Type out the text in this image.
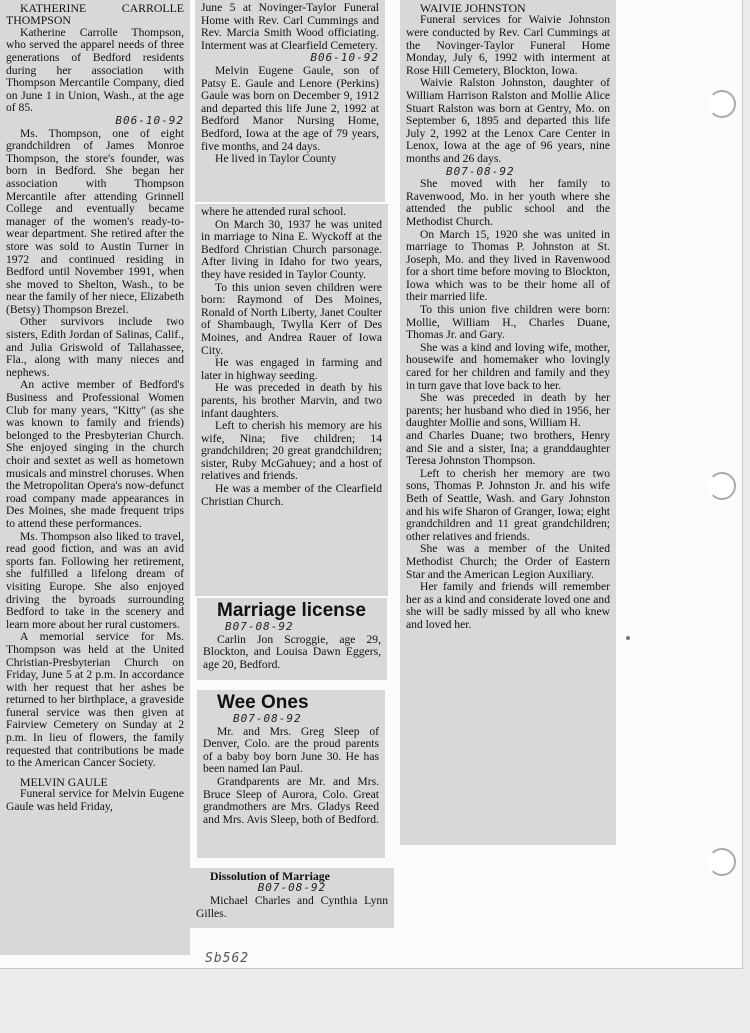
KATHERINE CARROLLE THOMPSON

Katherine Carrolle Thompson, who served the apparel needs of three generations of Bedford residents during her association with Thompson Mercantile Company, died on June 1 in Union, Wash., at the age of 85.

B06-10-92

Ms. Thompson, one of eight grandchildren of James Monroe Thompson, the store's founder, was born in Bedford. She began her association with Thompson Mercantile after attending Grinnell College and eventually became manager of the women's ready-to-wear department. She retired after the store was sold to Austin Turner in 1972 and continued residing in Bedford until November 1991, when she moved to Shelton, Wash., to be near the family of her niece, Elizabeth (Betsy) Thompson Brezel.

Other survivors include two sisters, Edith Jordan of Salinas, Calif., and Julia Griswold of Tallahassee, Fla., along with many nieces and nephews.

An active member of Bedford's Business and Professional Women Club for many years, "Kitty" (as she was known to family and friends) belonged to the Presbyterian Church. She enjoyed singing in the church choir and sextet as well as hometown musicals and minstrel choruses. When the Metropolitan Opera's now-defunct road company made appearances in Des Moines, she made frequent trips to attend these performances.

Ms. Thompson also liked to travel, read good fiction, and was an avid sports fan. Following her retirement, she fulfilled a lifelong dream of visiting Europe. She also enjoyed driving the byroads surrounding Bedford to take in the scenery and learn more about her rural customers.

A memorial service for Ms. Thompson was held at the United Christian-Presbyterian Church on Friday, June 5 at 2 p.m. In accordance with her request that her ashes be returned to her birthplace, a graveside funeral service was then given at Fairview Cemetery on Sunday at 2 p.m. In lieu of flowers, the family requested that contributions be made to the American Cancer Society.

MELVIN GAULE

Funeral service for Melvin Eugene Gaule was held Friday,

June 5 at Novinger-Taylor Funeral Home with Rev. Carl Cummings and Rev. Marcia Smith Wood officiating. Interment was at Clearfield Cemetery.

B06-10-92

Melvin Eugene Gaule, son of Patsy E. Gaule and Lenore (Perkins) Gaule was born on December 9, 1912 and departed this life June 2, 1992 at Bedford Manor Nursing Home, Bedford, Iowa at the age of 79 years, five months, and 24 days.

He lived in Taylor County

where he attended rural school.

On March 30, 1937 he was united in marriage to Nina E. Wyckoff at the Bedford Christian Church parsonage. After living in Idaho for two years, they have resided in Taylor County.

To this union seven children were born: Raymond of Des Moines, Ronald of North Liberty, Janet Coulter of Shambaugh, Twylla Kerr of Des Moines, and Andrea Rauer of Iowa City.

He was engaged in farming and later in highway seeding.

He was preceded in death by his parents, his brother Marvin, and two infant daughters.

Left to cherish his memory are his wife, Nina; five children; 14 grandchildren; 20 great grandchildren; sister, Ruby McGahuey; and a host of relatives and friends.

He was a member of the Clearfield Christian Church.

Marriage license

B07-08-92

Carlin Jon Scroggie, age 29, Blockton, and Louisa Dawn Eggers, age 20, Bedford.

Wee Ones

B07-08-92

Mr. and Mrs. Greg Sleep of Denver, Colo. are the proud parents of a baby boy born June 30. He has been named Ian Paul.

Grandparents are Mr. and Mrs. Bruce Sleep of Aurora, Colo. Great grandmothers are Mrs. Gladys Reed and Mrs. Avis Sleep, both of Bedford.

Dissolution of Marriage

B07-08-92

Michael Charles and Cynthia Lynn Gilles.

WAIVIE JOHNSTON

Funeral services for Waivie Johnston were conducted by Rev. Carl Cummings at the Novinger-Taylor Funeral Home Monday, July 6, 1992 with interment at Rose Hill Cemetery, Blockton, Iowa.

Waivie Ralston Johnston, daughter of William Harrison Ralston and Mollie Alice Stuart Ralston was born at Gentry, Mo. on September 6, 1895 and departed this life July 2, 1992 at the Lenox Care Center in Lenox, Iowa at the age of 96 years, nine months and 26 days.

B07-08-92

She moved with her family to Ravenwood, Mo. in her youth where she attended the public school and the Methodist Church.

On March 15, 1920 she was united in marriage to Thomas P. Johnston at St. Joseph, Mo. and they lived in Ravenwood for a short time before moving to Blockton, Iowa which was to be their home all of their married life.

To this union five children were born: Mollie, William H., Charles Duane, Thomas Jr. and Gary.

She was a kind and loving wife, mother, housewife and homemaker who lovingly cared for her children and family and they in turn gave that love back to her.

She was preceded in death by her parents; her husband who died in 1956, her daughter Mollie and sons, William H.

and Charles Duane; two brothers, Henry and Sie and a sister, Ina; a granddaughter Teresa Johnston Thompson.

Left to cherish her memory are two sons, Thomas P. Johnston Jr. and his wife Beth of Seattle, Wash. and Gary Johnston and his wife Sharon of Granger, Iowa; eight grandchildren and 11 great grandchildren; other relatives and friends.

She was a member of the United Methodist Church; the Order of Eastern Star and the American Legion Auxiliary.

Her family and friends will remember her as a kind and considerate loved one and she will be sadly missed by all who knew and loved her.

Sb562
